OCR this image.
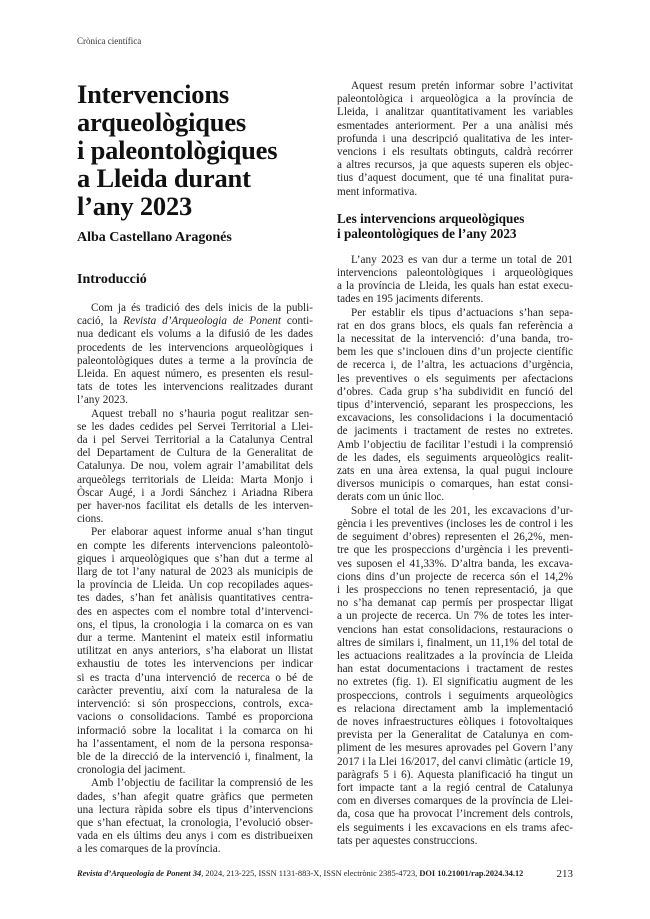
Crònica científica
Intervencions
arqueològiques
i paleontològiques
a Lleida durant
l’any 2023
Alba Castellano Aragonés
Introducció

Com ja és tradició des dels inicis de la publi-
cació, la Revista d’Arqueologia de Ponent conti-
nua dedicant els volums a la difusió de les dades
procedents de les intervencions arqueològiques i
paleontològiques dutes a terme a la província de
Lleida. En aquest número, es presenten els resul-
tats de totes les intervencions realitzades durant
l’any 2023.

Aquest treball no s’hauria pogut realitzar sen-
se les dades cedides pel Servei Territorial a Llei-
da i pel Servei Territorial a la Catalunya Central
del Departament de Cultura de la Generalitat de
Catalunya. De nou, volem agrair l’amabilitat dels
arqueòlegs territorials de Lleida: Marta Monjo i
Òscar Augé, i a Jordi Sánchez i Ariadna Ribera
per haver-nos facilitat els detalls de les interven-
cions.

Per elaborar aquest informe anual s’han tingut
en compte les diferents intervencions paleontolò-
giques i arqueològiques que s’han dut a terme al
llarg de tot l’any natural de 2023 als municipis de
la província de Lleida. Un cop recopilades aques-
tes dades, s’han fet anàlisis quantitatives centra-
des en aspectes com el nombre total d’intervenci-
ons, el tipus, la cronologia i la comarca on es van
dur a terme. Mantenint el mateix estil informatiu
utilitzat en anys anteriors, s’ha elaborat un llistat
exhaustiu de totes les intervencions per indicar
si es tracta d’una intervenció de recerca o bé de
caràcter preventiu, així com la naturalesa de la
intervenció: si són prospeccions, controls, exca-
vacions o consolidacions. També es proporciona
informació sobre la localitat i la comarca on hi
ha l’assentament, el nom de la persona responsa-
ble de la direcció de la intervenció i, finalment, la
cronologia del jaciment.

Amb l’objectiu de facilitar la comprensió de les
dades, s’han afegit quatre gràfics que permeten
una lectura ràpida sobre els tipus d’intervencions
que s’han efectuat, la cronologia, l’evolució obser-
vada en els últims deu anys i com es distribueixen
a les comarques de la província.

Aquest resum pretén informar sobre l’activitat
paleontològica i arqueològica a la província de
Lleida, i analitzar quantitativament les variables
esmentades anteriorment. Per a una anàlisi més
profunda i una descripció qualitativa de les inter-
vencions i els resultats obtinguts, caldrà recórrer
a altres recursos, ja que aquests superen els objec-
tius d’aquest document, que té una finalitat pura-
ment informativa.

Les intervencions arqueològiques
i paleontològiques de l’any 2023

L’any 2023 es van dur a terme un total de 201
intervencions paleontològiques i arqueològiques
a la província de Lleida, les quals han estat execu-
tades en 195 jaciments diferents.

Per establir els tipus d’actuacions s’han sepa-
rat en dos grans blocs, els quals fan referència a
la necessitat de la intervenció: d’una banda, tro-
bem les que s’inclouen dins d’un projecte científic
de recerca i, de l’altra, les actuacions d’urgència,
les preventives o els seguiments per afectacions
d’obres. Cada grup s’ha subdividit en funció del
tipus d’intervenció, separant les prospeccions, les
excavacions, les consolidacions i la documentació
de jaciments i tractament de restes no extretes.
Amb l’objectiu de facilitar l’estudi i la comprensió
de les dades, els seguiments arqueològics realit-
zats en una àrea extensa, la qual pugui incloure
diversos municipis o comarques, han estat consi-
derats com un únic lloc.

Sobre el total de les 201, les excavacions d’ur-
gència i les preventives (incloses les de control i les
de seguiment d’obres) representen el 26,2%, men-
tre que les prospeccions d’urgència i les preventi-
ves suposen el 41,33%. D’altra banda, les excava-
cions dins d’un projecte de recerca són el 14,2%
i les prospeccions no tenen representació, ja que
no s’ha demanat cap permís per prospectar lligat
a un projecte de recerca. Un 7% de totes les inter-
vencions han estat consolidacions, restauracions o
altres de similars i, finalment, un 11,1% del total de
les actuacions realitzades a la província de Lleida
han estat documentacions i tractament de restes
no extretes (fig. 1). El significatiu augment de les
prospeccions, controls i seguiments arqueològics
es relaciona directament amb la implementació
de noves infraestructures eòliques i fotovoltaiques
prevista per la Generalitat de Catalunya en com-
pliment de les mesures aprovades pel Govern l’any
2017 i la Llei 16/2017, del canvi climàtic (article 19,
paràgrafs 5 i 6). Aquesta planificació ha tingut un
fort impacte tant a la regió central de Catalunya
com en diverses comarques de la província de Llei-
da, cosa que ha provocat l’increment dels controls,
els seguiments i les excavacions en els trams afec-
tats per aquestes construccions.

Revista d’Arqueologia de Ponent 34, 2024, 213-225, ISSN 1131-883-X, ISSN electrònic 2385-4723, DOI 10.21001/rap.2024.34.12	213
